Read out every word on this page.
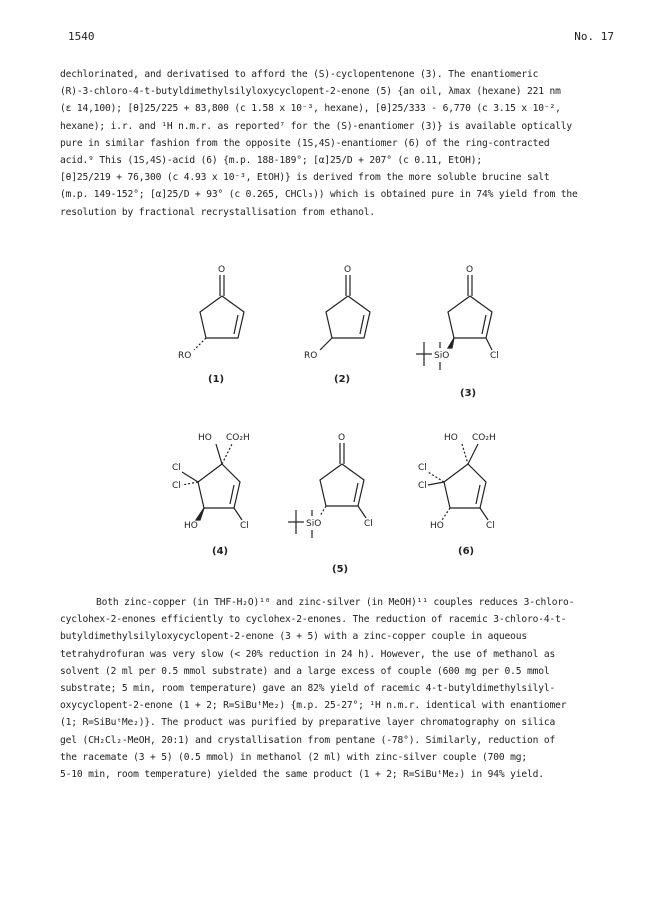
1540	No. 17
dechlorinated, and derivatised to afford the (S)-cyclopentenone (3). The enantiomeric
(R)-3-chloro-4-t-butyldimethylsilyloxycyclopent-2-enone (5) {an oil, λmax (hexane) 221 nm
(ε 14,100); [θ]25/225 + 83,800 (c 1.58 x 10⁻³, hexane), [θ]25/333 - 6,770 (c 3.15 x 10⁻²,
hexane); i.r. and ¹H n.m.r. as reported⁷ for the (S)-enantiomer (3)} is available optically
pure in similar fashion from the opposite (1S,4S)-enantiomer (6) of the ring-contracted
acid.⁹ This (1S,4S)-acid (6) {m.p. 188-189°; [α]25/D + 207° (c 0.11, EtOH);
[θ]25/219 + 76,300 (c 4.93 x 10⁻³, EtOH)} is derived from the more soluble brucine salt
(m.p. 149-152°; [α]25/D + 93° (c 0.265, CHCl₃)) which is obtained pure in 74% yield from the
resolution by fractional recrystallisation from ethanol.
O
RO
(1)
O
RO
(2)
O
Cl
SiO
(3)
HO CO₂H
Cl
Cl
HO	Cl
(4)
O
Cl
SiO
(5)
HO CO₂H
Cl
Cl
HO	Cl
(6)
Both zinc-copper (in THF-H₂O)¹⁰ and zinc-silver (in MeOH)¹¹ couples reduces 3-chloro-
cyclohex-2-enones efficiently to cyclohex-2-enones. The reduction of racemic 3-chloro-4-t-
butyldimethylsilyloxycyclopent-2-enone (3 + 5) with a zinc-copper couple in aqueous
tetrahydrofuran was very slow (< 20% reduction in 24 h). However, the use of methanol as
solvent (2 ml per 0.5 mmol substrate) and a large excess of couple (600 mg per 0.5 mmol
substrate; 5 min, room temperature) gave an 82% yield of racemic 4-t-butyldimethylsilyl-
oxycyclopent-2-enone (1 + 2; R=SiBuᵗMe₂) {m.p. 25-27°; ¹H n.m.r. identical with enantiomer
(1; R=SiBuᵗMe₂)}. The product was purified by preparative layer chromatography on silica
gel (CH₂Cl₂-MeOH, 20:1) and crystallisation from pentane (-78°). Similarly, reduction of
the racemate (3 + 5) (0.5 mmol) in methanol (2 ml) with zinc-silver couple (700 mg;
5-10 min, room temperature) yielded the same product (1 + 2; R=SiBuᵗMe₂) in 94% yield.
